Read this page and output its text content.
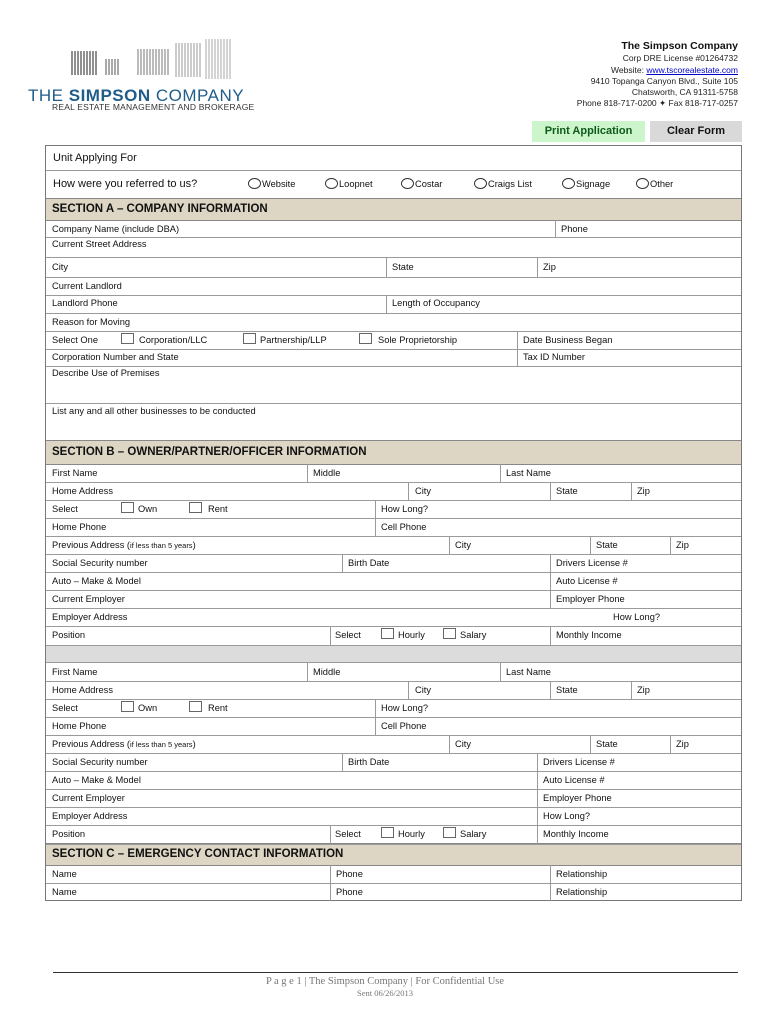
THE SIMPSON COMPANY
REAL ESTATE MANAGEMENT AND BROKERAGE
The Simpson Company
Corp DRE License #01264732
Website: www.tscorealestate.com
9410 Topanga Canyon Blvd., Suite 105
Chatsworth, CA 91311-5758
Phone 818-717-0200 ✦ Fax 818-717-0257
Print Application	Clear Form
Unit Applying For
How were you referred to us?	Website	Loopnet	Costar	Craigs List	Signage	Other
SECTION A – COMPANY INFORMATION
Company Name (include DBA)	Phone
Current Street Address
City	State	Zip
Current Landlord
Landlord Phone	Length of Occupancy
Reason for Moving
Select One	Corporation/LLC	Partnership/LLP	Sole Proprietorship	Date Business Began
Corporation Number and State	Tax ID Number
Describe Use of Premises
List any and all other businesses to be conducted
SECTION B – OWNER/PARTNER/OFFICER INFORMATION
SECTION C – EMERGENCY CONTACT INFORMATION
Name	Phone	Relationship
Name	Phone	Relationship
First Name	Middle	Last Name
Home Address	City	State	Zip
Select	Own	Rent	How Long?
Home Phone	Cell Phone
Previous Address (if less than 5 years)	City	State	Zip
Social Security number	Birth Date	Drivers License #
Auto – Make & Model	Auto License #
Current Employer	Employer Phone
Employer Address	How Long?
Position	Select	Hourly	Salary	Monthly Income
First Name	Middle	Last Name
Home Address	City	State	Zip
Select	Own	Rent	How Long?
Home Phone	Cell Phone
Previous Address (if less than 5 years)	City	State	Zip
Social Security number	Birth Date	Drivers License #
Auto – Make & Model	Auto License #
Current Employer	Employer Phone
Employer Address	How Long?
Position	Select	Hourly	Salary	Monthly Income
P a g e 1 | The Simpson Company | For Confidential Use
Sent 06/26/2013
